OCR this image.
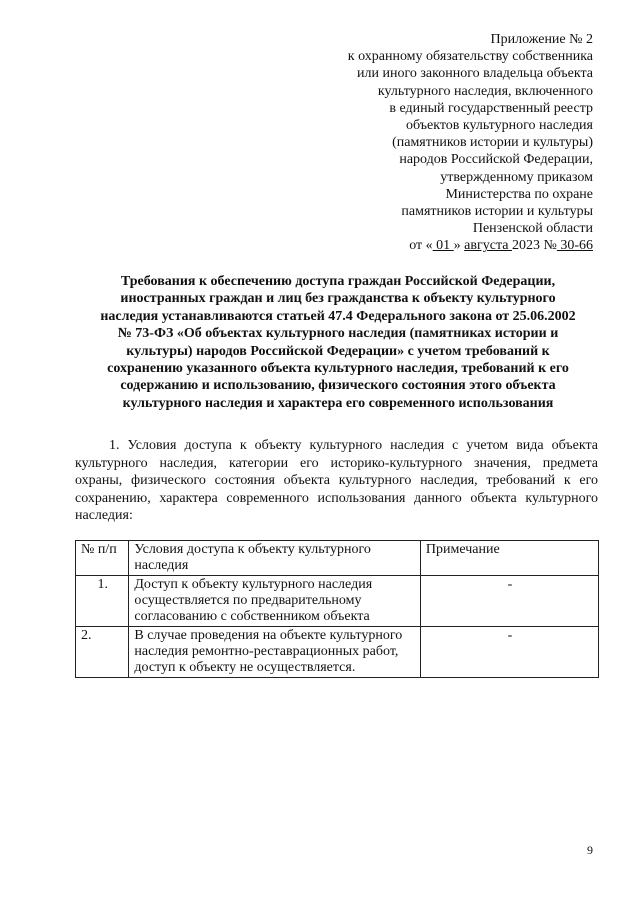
Приложение № 2
к охранному обязательству собственника
или иного законного владельца объекта
культурного наследия, включенного
в единый государственный реестр
объектов культурного наследия
(памятников истории и культуры)
народов Российской Федерации,
утвержденному приказом
Министерства по охране
памятников истории и культуры
Пензенской области
от « 01 » августа 2023 № 30-66
Требования к обеспечению доступа граждан Российской Федерации,
иностранных граждан и лиц без гражданства к объекту культурного
наследия устанавливаются статьей 47.4 Федерального закона от 25.06.2002
№ 73-ФЗ «Об объектах культурного наследия (памятниках истории и
культуры) народов Российской Федерации» с учетом требований к
сохранению указанного объекта культурного наследия, требований к его
содержанию и использованию, физического состояния этого объекта
культурного наследия и характера его современного использования
1. Условия доступа к объекту культурного наследия с учетом вида объекта культурного наследия, категории его историко-культурного значения, предмета охраны, физического состояния объекта культурного наследия, требований к его сохранению, характера современного использования данного объекта культурного наследия:
№ п/п	Условия доступа к объекту культурного наследия	Примечание
1.	Доступ к объекту культурного наследия осуществляется по предварительному согласованию с собственником объекта	-
2.	В случае проведения на объекте культурного наследия ремонтно-реставрационных работ, доступ к объекту не осуществляется.	-
9
